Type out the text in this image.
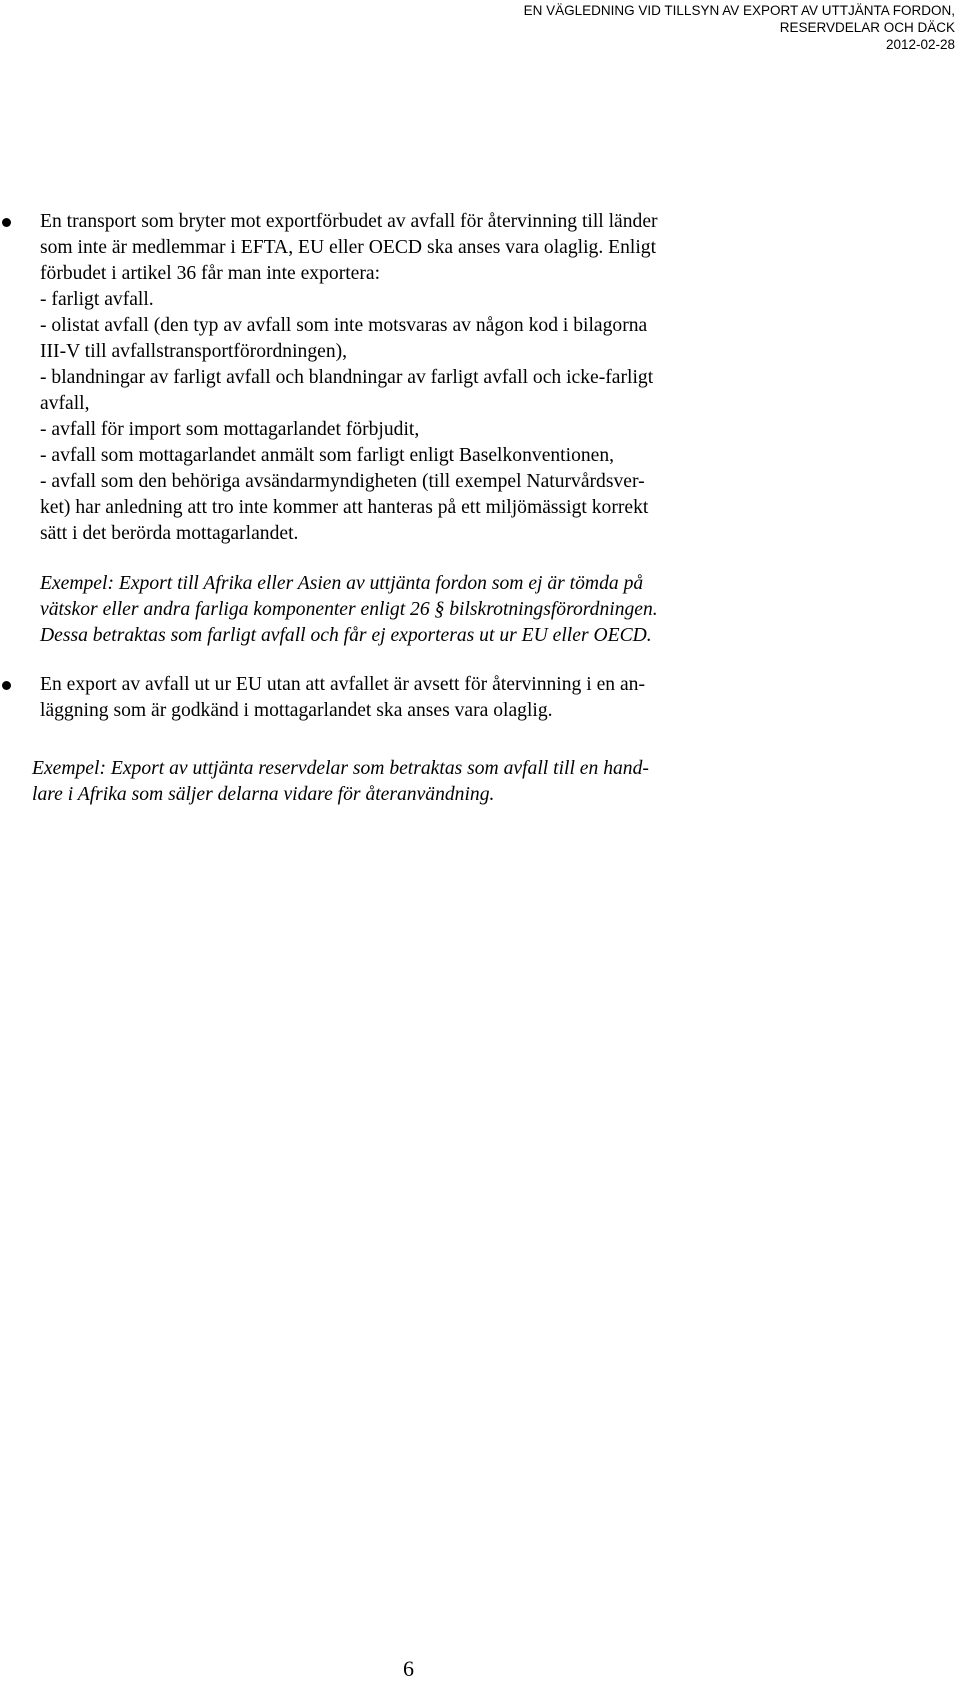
EN VÄGLEDNING VID TILLSYN AV EXPORT AV UTTJÄNTA FORDON,
RESERVDELAR OCH DÄCK
2012-02-28
En transport som bryter mot exportförbudet av avfall för återvinning till länder
som inte är medlemmar i EFTA, EU eller OECD ska anses vara olaglig. Enligt
förbudet i artikel 36 får man inte exportera:
- farligt avfall.
- olistat avfall (den typ av avfall som inte motsvaras av någon kod i bilagorna
III-V till avfallstransportförordningen),
- blandningar av farligt avfall och blandningar av farligt avfall och icke-farligt
avfall,
- avfall för import som mottagarlandet förbjudit,
- avfall som mottagarlandet anmält som farligt enligt Baselkonventionen,
- avfall som den behöriga avsändarmyndigheten (till exempel Naturvårdsver-
ket) har anledning att tro inte kommer att hanteras på ett miljömässigt korrekt
sätt i det berörda mottagarlandet.
Exempel: Export till Afrika eller Asien av uttjänta fordon som ej är tömda på
vätskor eller andra farliga komponenter enligt 26 § bilskrotningsförordningen.
Dessa betraktas som farligt avfall och får ej exporteras ut ur EU eller OECD.
En export av avfall ut ur EU utan att avfallet är avsett för återvinning i en an-
läggning som är godkänd i mottagarlandet ska anses vara olaglig.
Exempel: Export av uttjänta reservdelar som betraktas som avfall till en hand-
lare i Afrika som säljer delarna vidare för återanvändning.
6
